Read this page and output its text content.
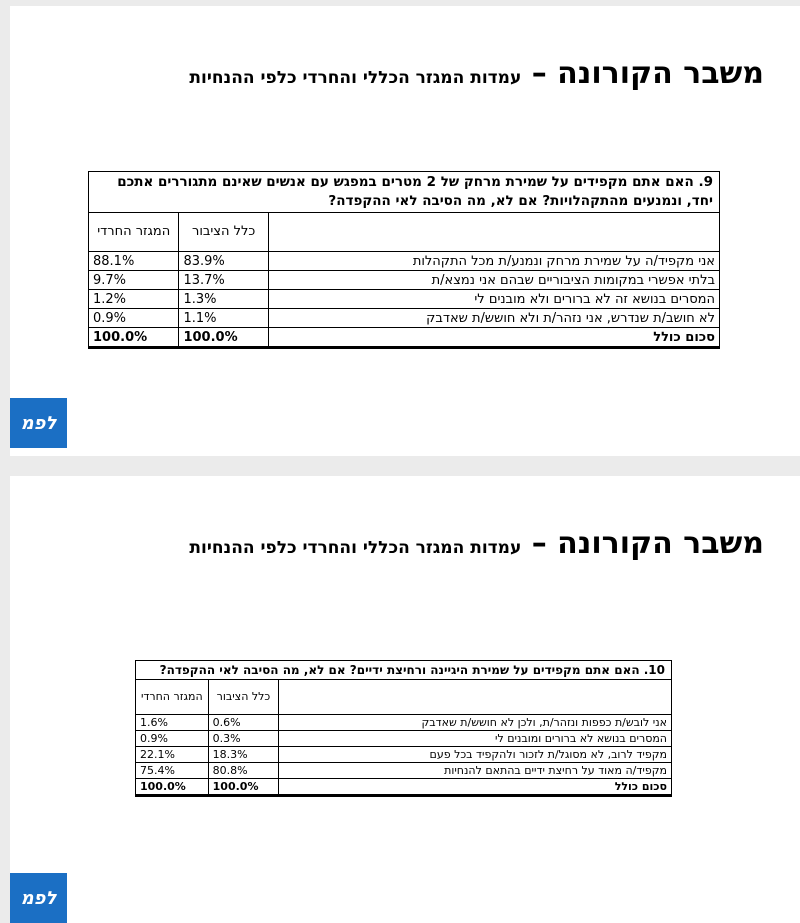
משבר הקורונה – עמדות המגזר הכללי והחרדי כלפי ההנחיות
9. האם אתם מקפידים על שמירת מרחק של 2 מטרים במפגש עם אנשים שאינם מתגוררים אתכם יחד, ונמנעים מהתקהלויות? אם לא, מה הסיבה לאי ההקפדה?		
	כלל הציבור	המגזר החרדי
אני מקפיד/ה על שמירת מרחק ונמנע/ת מכל התקהלות	83.9%	88.1%
בלתי אפשרי במקומות הציבוריים שבהם אני נמצא/ת	13.7%	9.7%
המסרים בנושא זה לא ברורים ולא מובנים לי	1.3%	1.2%
לא חושב/ת שנדרש, אני נזהר/ת ולא חושש/ת שאדבק	1.1%	0.9%
סכום כולל	100.0%	100.0%
לפמ
משבר הקורונה – עמדות המגזר הכללי והחרדי כלפי ההנחיות
10. האם אתם מקפידים על שמירת היגיינה ורחיצת ידיים? אם לא, מה הסיבה לאי ההקפדה?		
	כלל הציבור	המגזר החרדי
אני לובש/ת כפפות ונזהר/ת, ולכן לא חושש/ת שאדבק	0.6%	1.6%
המסרים בנושא לא ברורים ומובנים לי	0.3%	0.9%
מקפיד לרוב, לא מסוגל/ת לזכור ולהקפיד בכל פעם	18.3%	22.1%
מקפיד/ה מאוד על רחיצת ידיים בהתאם להנחיות	80.8%	75.4%
סכום כולל	100.0%	100.0%
לפמ
